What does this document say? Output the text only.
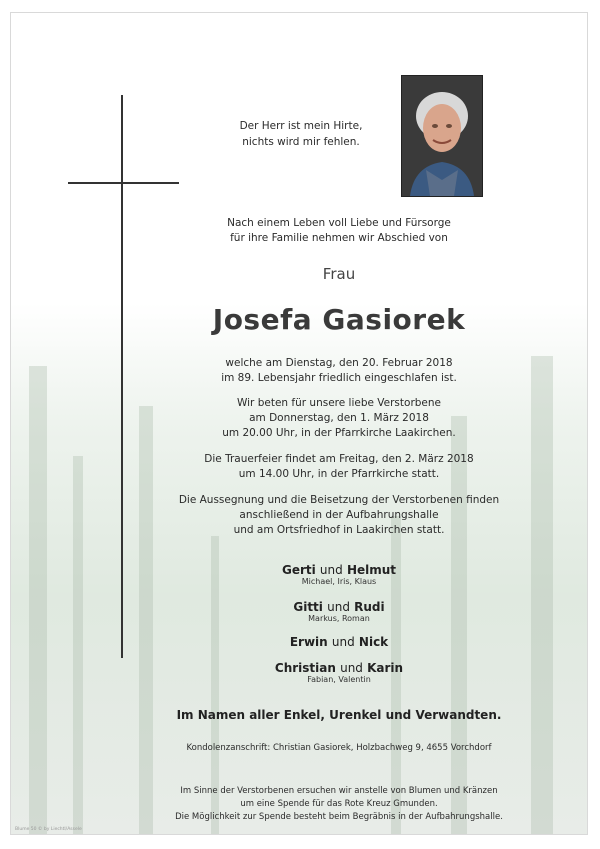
Der Herr ist mein Hirte,
nichts wird mir fehlen.
Nach einem Leben voll Liebe und Fürsorge
für ihre Familie nehmen wir Abschied von
Frau
Josefa Gasiorek
welche am Dienstag, den 20. Februar 2018
im 89. Lebensjahr friedlich eingeschlafen ist.
Wir beten für unsere liebe Verstorbene
am Donnerstag, den 1. März 2018
um 20.00 Uhr, in der Pfarrkirche Laakirchen.
Die Trauerfeier findet am Freitag, den 2. März 2018
um 14.00 Uhr, in der Pfarrkirche statt.
Die Aussegnung und die Beisetzung der Verstorbenen finden
anschließend in der Aufbahrungshalle
und am Ortsfriedhof in Laakirchen statt.
Gerti und Helmut
Michael, Iris, Klaus
Gitti und Rudi
Markus, Roman
Erwin und Nick
Christian und Karin
Fabian, Valentin
Im Namen aller Enkel, Urenkel und Verwandten.
Kondolenzanschrift: Christian Gasiorek, Holzbachweg 9, 4655 Vorchdorf
Im Sinne der Verstorbenen ersuchen wir anstelle von Blumen und Kränzen
um eine Spende für das Rote Kreuz Gmunden.
Die Möglichkeit zur Spende besteht beim Begräbnis in der Aufbahrungshalle.
Blume 50 © by Liechtl/Assele
